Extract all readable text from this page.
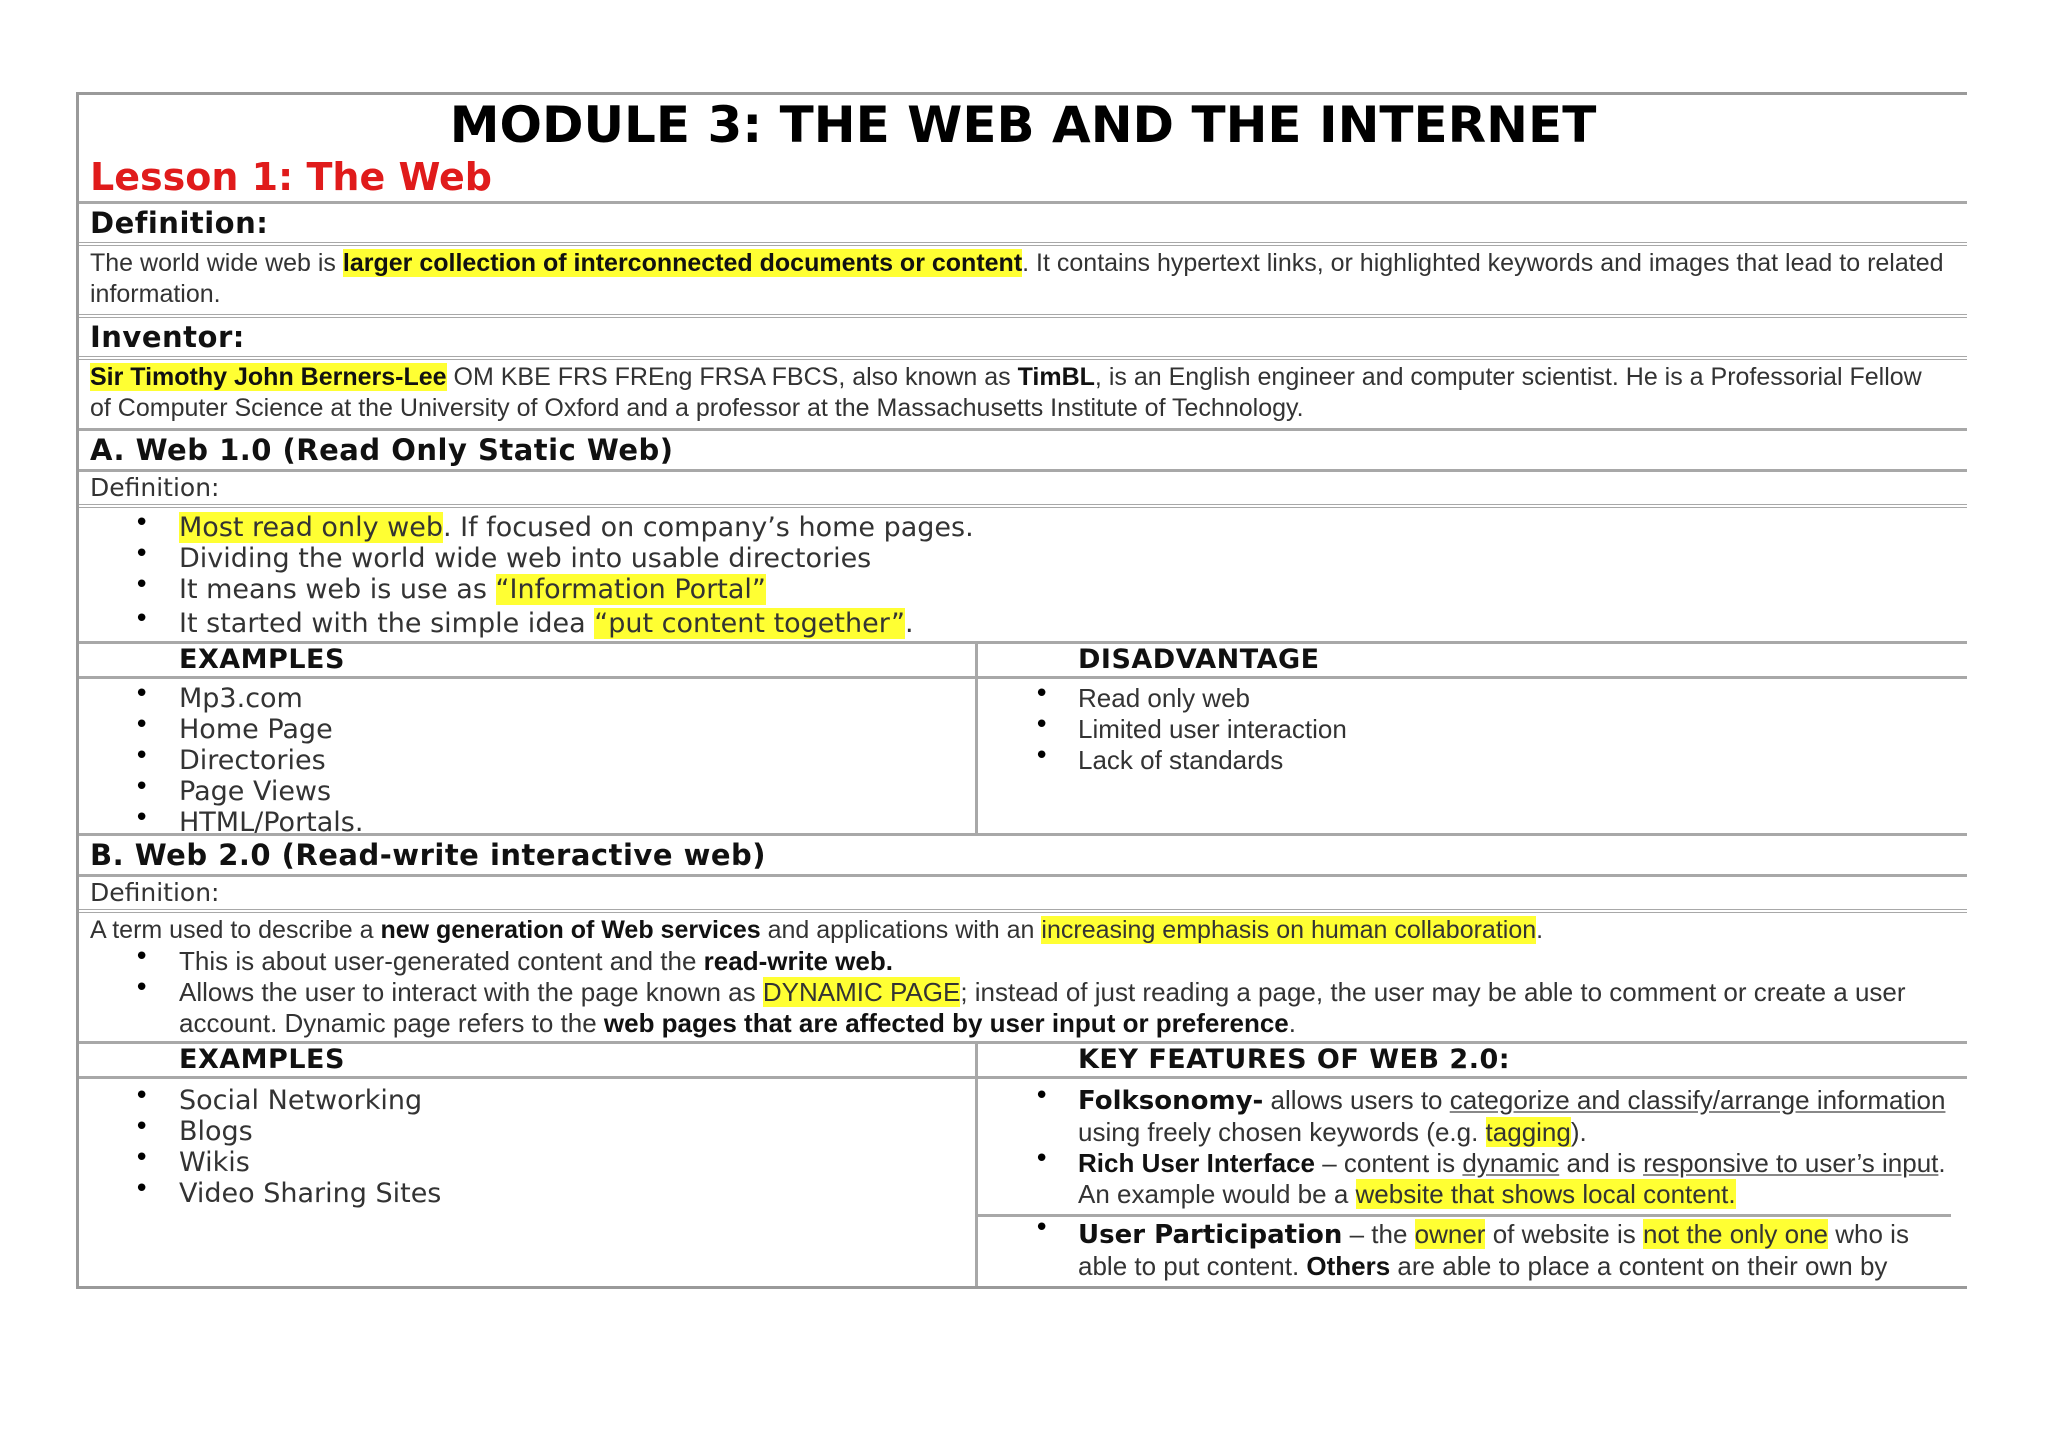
MODULE 3: THE WEB AND THE INTERNET
Lesson 1: The Web
Definition:
The world wide web is larger collection of interconnected documents or content. It contains hypertext links, or highlighted keywords and images that lead to related information.
Inventor:
Sir Timothy John Berners-Lee OM KBE FRS FREng FRSA FBCS, also known as TimBL, is an English engineer and computer scientist. He is a Professorial Fellow of Computer Science at the University of Oxford and a professor at the Massachusetts Institute of Technology.
A. Web 1.0 (Read Only Static Web)
Definition:
• Most read only web. If focused on company’s home pages.
• Dividing the world wide web into usable directories
• It means web is use as “Information Portal”
• It started with the simple idea “put content together”.
EXAMPLES
• Mp3.com
• Home Page
• Directories
• Page Views
• HTML/Portals.
DISADVANTAGE
• Read only web
• Limited user interaction
• Lack of standards
B. Web 2.0 (Read-write interactive web)
Definition:
A term used to describe a new generation of Web services and applications with an increasing emphasis on human collaboration.
• This is about user-generated content and the read-write web.
• Allows the user to interact with the page known as DYNAMIC PAGE; instead of just reading a page, the user may be able to comment or create a user account. Dynamic page refers to the web pages that are affected by user input or preference.
EXAMPLES
• Social Networking
• Blogs
• Wikis
• Video Sharing Sites
KEY FEATURES OF WEB 2.0:
• Folksonomy- allows users to categorize and classify/arrange information using freely chosen keywords (e.g. tagging).
• Rich User Interface – content is dynamic and is responsive to user’s input. An example would be a website that shows local content.
• User Participation – the owner of website is not the only one who is able to put content. Others are able to place a content on their own by
